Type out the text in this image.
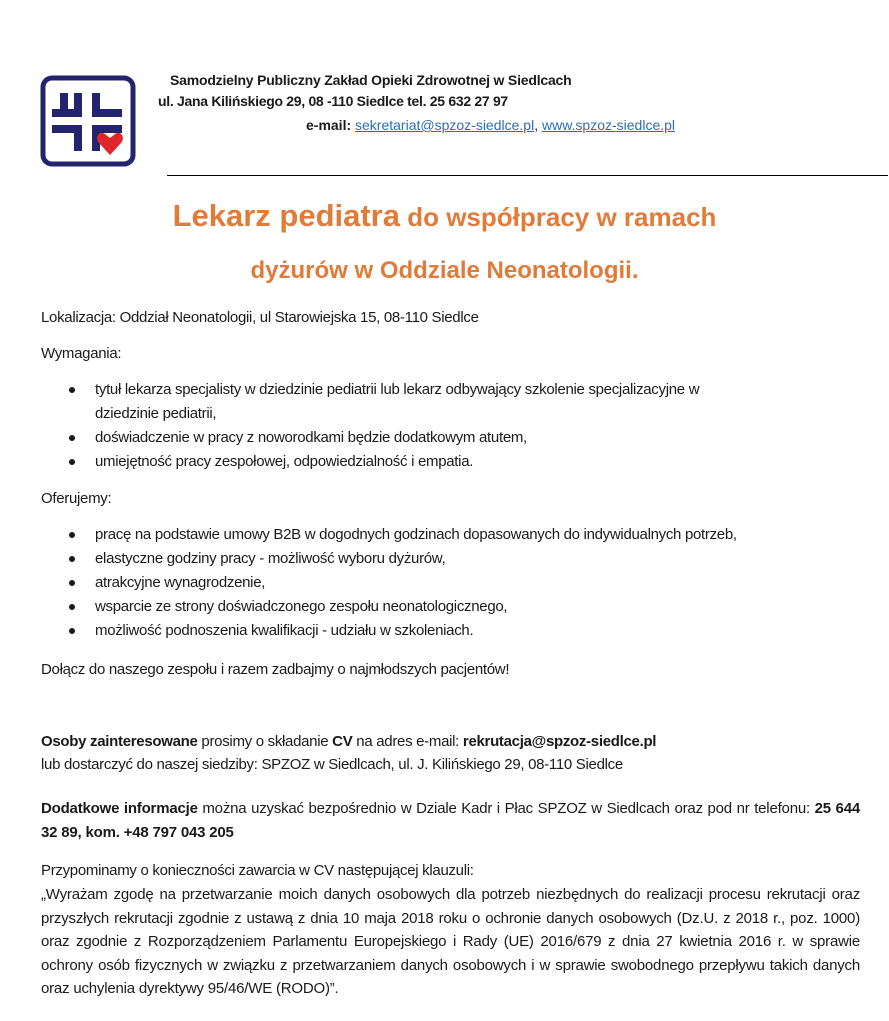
Samodzielny Publiczny Zakład Opieki Zdrowotnej w Siedlcach
ul. Jana Kilińskiego 29, 08 -110 Siedlce tel. 25 632 27 97
e-mail: sekretariat@spzoz-siedlce.pl, www.spzoz-siedlce.pl
Lekarz pediatra do współpracy w ramach
dyżurów w Oddziale Neonatologii.
Lokalizacja: Oddział Neonatologii, ul Starowiejska 15, 08-110 Siedlce
Wymagania:
tytuł lekarza specjalisty w dziedzinie pediatrii lub lekarz odbywający szkolenie specjalizacyjne w
dziedzinie pediatrii,
doświadczenie w pracy z noworodkami będzie dodatkowym atutem,
umiejętność pracy zespołowej, odpowiedzialność i empatia.
Oferujemy:
pracę na podstawie umowy B2B w dogodnych godzinach dopasowanych do indywidualnych potrzeb,
elastyczne godziny pracy - możliwość wyboru dyżurów,
atrakcyjne wynagrodzenie,
wsparcie ze strony doświadczonego zespołu neonatologicznego,
możliwość podnoszenia kwalifikacji - udziału w szkoleniach.
Dołącz do naszego zespołu i razem zadbajmy o najmłodszych pacjentów!
Osoby zainteresowane prosimy o składanie CV na adres e-mail: rekrutacja@spzoz-siedlce.pl
lub dostarczyć do naszej siedziby: SPZOZ w Siedlcach, ul. J. Kilińskiego 29, 08-110 Siedlce
Dodatkowe informacje można uzyskać bezpośrednio w Dziale Kadr i Płac SPZOZ w Siedlcach oraz pod nr telefonu: 25 644 32 89, kom. +48 797 043 205
Przypominamy o konieczności zawarcia w CV następującej klauzuli:
„Wyrażam zgodę na przetwarzanie moich danych osobowych dla potrzeb niezbędnych do realizacji procesu rekrutacji oraz przyszłych rekrutacji zgodnie z ustawą z dnia 10 maja 2018 roku o ochronie danych osobowych (Dz.U. z 2018 r., poz. 1000) oraz zgodnie z Rozporządzeniem Parlamentu Europejskiego i Rady (UE) 2016/679 z dnia 27 kwietnia 2016 r. w sprawie ochrony osób fizycznych w związku z przetwarzaniem danych osobowych i w sprawie swobodnego przepływu takich danych oraz uchylenia dyrektywy 95/46/WE (RODO)”.
